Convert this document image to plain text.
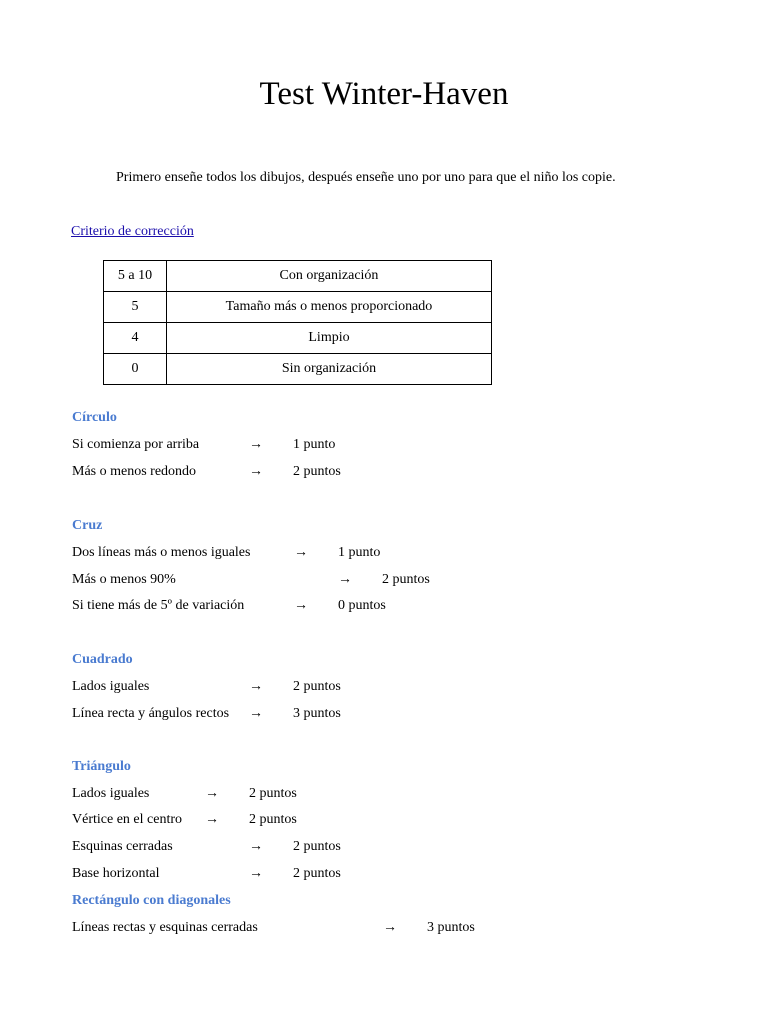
Test Winter-Haven
Primero enseñe todos los dibujos, después enseñe uno por uno para que el niño los copie.
Criterio de corrección
5 a 10	Con organización
5	Tamaño más o menos proporcionado
4	Limpio
0	Sin organización
Círculo
Si comienza por arriba	→ 1 punto
Más o menos redondo	→ 2 puntos
Cruz
Dos líneas más o menos iguales	→ 1 punto
Más o menos 90%	→ 2 puntos
Si tiene más de 5º de variación	→ 0 puntos
Cuadrado
Lados iguales	→ 2 puntos
Línea recta y ángulos rectos → 3 puntos
Triángulo
Lados iguales	→ 2 puntos
Vértice en el centro → 2 puntos
Esquinas cerradas	→ 2 puntos
Base horizontal	→ 2 puntos
Rectángulo con diagonales
Líneas rectas y esquinas cerradas	→ 3 puntos
